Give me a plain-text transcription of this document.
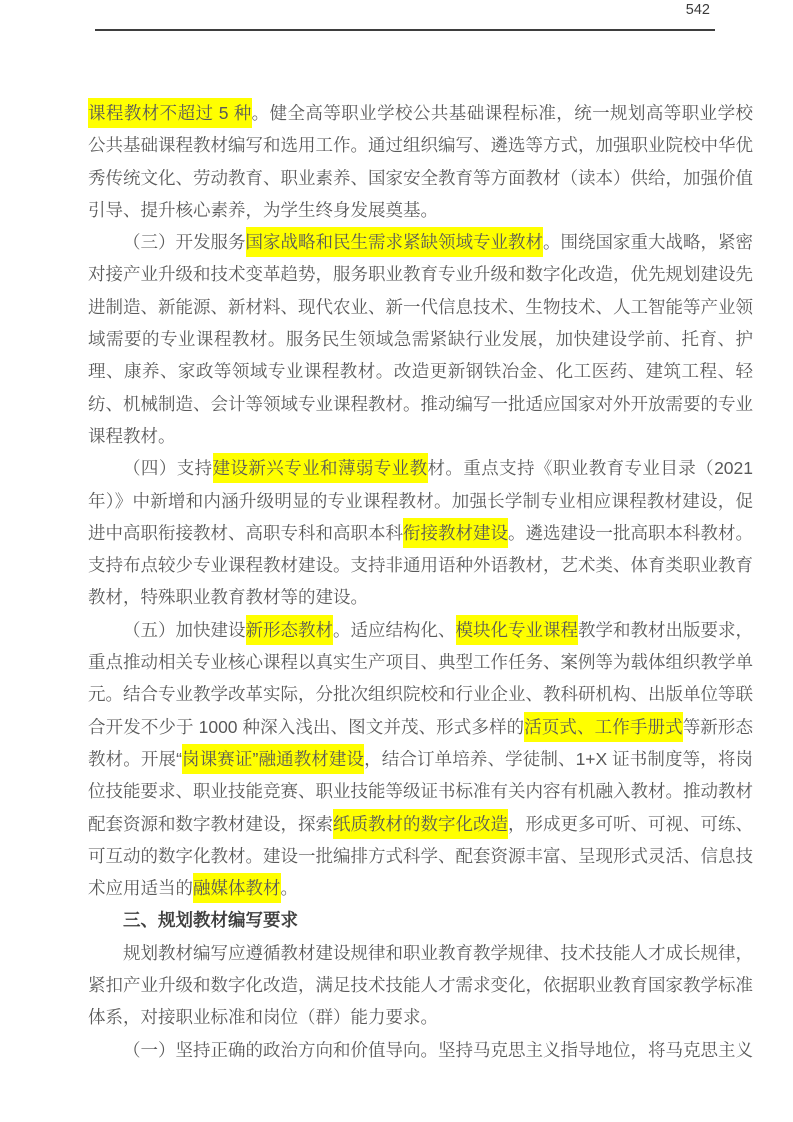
542

课程教材不超过 5 种。健全高等职业学校公共基础课程标准，统一规划高等职业学校公共基础课程教材编写和选用工作。通过组织编写、遴选等方式，加强职业院校中华优秀传统文化、劳动教育、职业素养、国家安全教育等方面教材（读本）供给，加强价值引导、提升核心素养，为学生终身发展奠基。

（三）开发服务国家战略和民生需求紧缺领域专业教材。围绕国家重大战略，紧密对接产业升级和技术变革趋势，服务职业教育专业升级和数字化改造，优先规划建设先进制造、新能源、新材料、现代农业、新一代信息技术、生物技术、人工智能等产业领域需要的专业课程教材。服务民生领域急需紧缺行业发展，加快建设学前、托育、护理、康养、家政等领域专业课程教材。改造更新钢铁冶金、化工医药、建筑工程、轻纺、机械制造、会计等领域专业课程教材。推动编写一批适应国家对外开放需要的专业课程教材。

（四）支持建设新兴专业和薄弱专业教材。重点支持《职业教育专业目录（2021 年）》中新增和内涵升级明显的专业课程教材。加强长学制专业相应课程教材建设，促进中高职衔接教材、高职专科和高职本科衔接教材建设。遴选建设一批高职本科教材。支持布点较少专业课程教材建设。支持非通用语种外语教材，艺术类、体育类职业教育教材，特殊职业教育教材等的建设。

（五）加快建设新形态教材。适应结构化、模块化专业课程教学和教材出版要求，重点推动相关专业核心课程以真实生产项目、典型工作任务、案例等为载体组织教学单元。结合专业教学改革实际，分批次组织院校和行业企业、教科研机构、出版单位等联合开发不少于 1000 种深入浅出、图文并茂、形式多样的活页式、工作手册式等新形态教材。开展“岗课赛证”融通教材建设，结合订单培养、学徒制、1+X 证书制度等，将岗位技能要求、职业技能竞赛、职业技能等级证书标准有关内容有机融入教材。推动教材配套资源和数字教材建设，探索纸质教材的数字化改造，形成更多可听、可视、可练、可互动的数字化教材。建设一批编排方式科学、配套资源丰富、呈现形式灵活、信息技术应用适当的融媒体教材。

三、规划教材编写要求

规划教材编写应遵循教材建设规律和职业教育教学规律、技术技能人才成长规律，紧扣产业升级和数字化改造，满足技术技能人才需求变化，依据职业教育国家教学标准体系，对接职业标准和岗位（群）能力要求。

（一）坚持正确的政治方向和价值导向。坚持马克思主义指导地位，将马克思主义
